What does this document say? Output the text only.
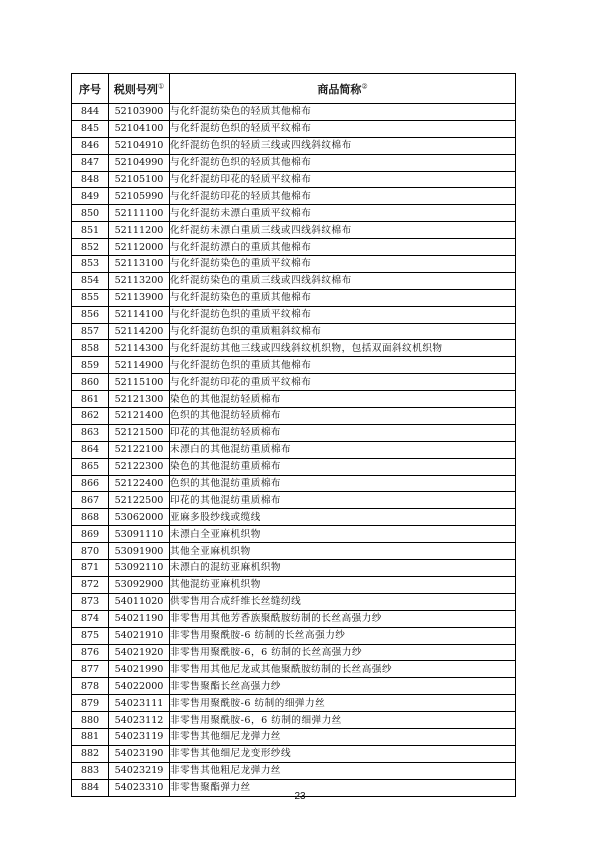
序号	税则号列①	商品简称②
844	52103900	与化纤混纺染色的轻质其他棉布
845	52104100	与化纤混纺色织的轻质平纹棉布
846	52104910	化纤混纺色织的轻质三线或四线斜纹棉布
847	52104990	与化纤混纺色织的轻质其他棉布
848	52105100	与化纤混纺印花的轻质平纹棉布
849	52105990	与化纤混纺印花的轻质其他棉布
850	52111100	与化纤混纺未漂白重质平纹棉布
851	52111200	化纤混纺未漂白重质三线或四线斜纹棉布
852	52112000	与化纤混纺漂白的重质其他棉布
853	52113100	与化纤混纺染色的重质平纹棉布
854	52113200	化纤混纺染色的重质三线或四线斜纹棉布
855	52113900	与化纤混纺染色的重质其他棉布
856	52114100	与化纤混纺色织的重质平纹棉布
857	52114200	与化纤混纺色织的重质粗斜纹棉布
858	52114300	与化纤混纺其他三线或四线斜纹机织物，包括双面斜纹机织物
859	52114900	与化纤混纺色织的重质其他棉布
860	52115100	与化纤混纺印花的重质平纹棉布
861	52121300	染色的其他混纺轻质棉布
862	52121400	色织的其他混纺轻质棉布
863	52121500	印花的其他混纺轻质棉布
864	52122100	未漂白的其他混纺重质棉布
865	52122300	染色的其他混纺重质棉布
866	52122400	色织的其他混纺重质棉布
867	52122500	印花的其他混纺重质棉布
868	53062000	亚麻多股纱线或缆线
869	53091110	未漂白全亚麻机织物
870	53091900	其他全亚麻机织物
871	53092110	未漂白的混纺亚麻机织物
872	53092900	其他混纺亚麻机织物
873	54011020	供零售用合成纤维长丝缝纫线
874	54021190	非零售用其他芳香族聚酰胺纺制的长丝高强力纱
875	54021910	非零售用聚酰胺-6 纺制的长丝高强力纱
876	54021920	非零售用聚酰胺-6，6 纺制的长丝高强力纱
877	54021990	非零售用其他尼龙或其他聚酰胺纺制的长丝高强纱
878	54022000	非零售聚酯长丝高强力纱
879	54023111	非零售用聚酰胺-6 纺制的细弹力丝
880	54023112	非零售用聚酰胺-6，6 纺制的细弹力丝
881	54023119	非零售其他细尼龙弹力丝
882	54023190	非零售其他细尼龙变形纱线
883	54023219	非零售其他粗尼龙弹力丝
884	54023310	非零售聚酯弹力丝
23
